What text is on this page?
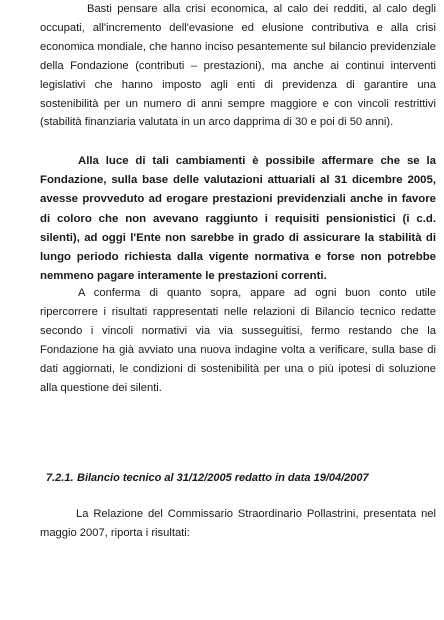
Basti pensare alla crisi economica, al calo dei redditi, al calo degli occupati, all'incremento dell'evasione ed elusione contributiva e alla crisi economica mondiale, che hanno inciso pesantemente sul bilancio previdenziale della Fondazione (contributi – prestazioni), ma anche ai continui interventi legislativi che hanno imposto agli enti di previdenza di garantire una sostenibilità per un numero di anni sempre maggiore e con vincoli restrittivi (stabilità finanziaria valutata in un arco dapprima di 30 e poi di 50 anni).

Alla luce di tali cambiamenti è possibile affermare che se la Fondazione, sulla base delle valutazioni attuariali al 31 dicembre 2005, avesse provveduto ad erogare prestazioni previdenziali anche in favore di coloro che non avevano raggiunto i requisiti pensionistici (i c.d. silenti), ad oggi l'Ente non sarebbe in grado di assicurare la stabilità di lungo periodo richiesta dalla vigente normativa e forse non potrebbe nemmeno pagare interamente le prestazioni correnti.

A conferma di quanto sopra, appare ad ogni buon conto utile ripercorrere i risultati rappresentati nelle relazioni di Bilancio tecnico redatte secondo i vincoli normativi via via susseguitisi, fermo restando che la Fondazione ha già avviato una nuova indagine volta a verificare, sulla base di dati aggiornati, le condizioni di sostenibilità per una o più ipotesi di soluzione alla questione dei silenti.

7.2.1. Bilancio tecnico al 31/12/2005 redatto in data 19/04/2007

La Relazione del Commissario Straordinario Pollastrini, presentata nel maggio 2007, riporta i risultati:
